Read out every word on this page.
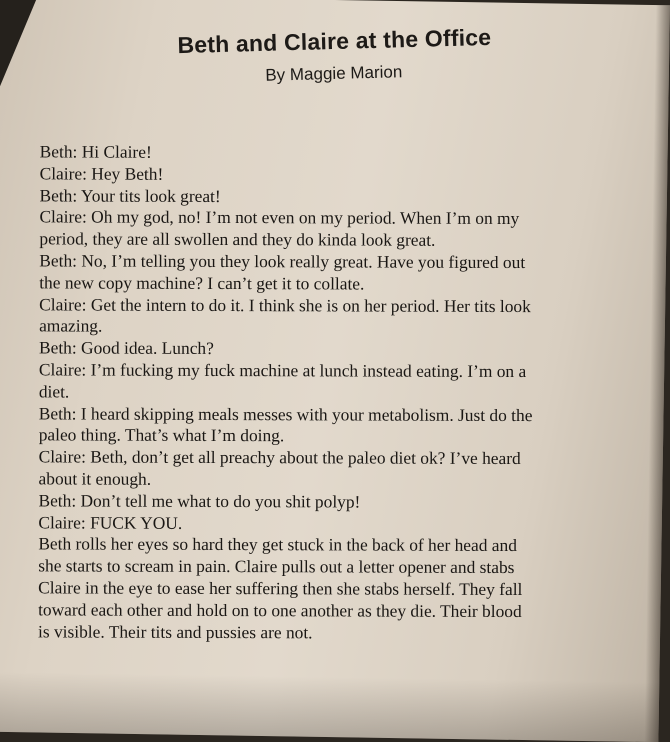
Beth and Claire at the Office
By Maggie Marion
Beth: Hi Claire!
Claire: Hey Beth!
Beth: Your tits look great!
Claire: Oh my god, no! I’m not even on my period. When I’m on my
period, they are all swollen and they do kinda look great.
Beth: No, I’m telling you they look really great. Have you figured out
the new copy machine? I can’t get it to collate.
Claire: Get the intern to do it. I think she is on her period. Her tits look
amazing.
Beth: Good idea. Lunch?
Claire: I’m fucking my fuck machine at lunch instead eating. I’m on a
diet.
Beth: I heard skipping meals messes with your metabolism. Just do the
paleo thing. That’s what I’m doing.
Claire: Beth, don’t get all preachy about the paleo diet ok? I’ve heard
about it enough.
Beth: Don’t tell me what to do you shit polyp!
Claire: FUCK YOU.
Beth rolls her eyes so hard they get stuck in the back of her head and
she starts to scream in pain. Claire pulls out a letter opener and stabs
Claire in the eye to ease her suffering then she stabs herself. They fall
toward each other and hold on to one another as they die. Their blood
is visible. Their tits and pussies are not.
